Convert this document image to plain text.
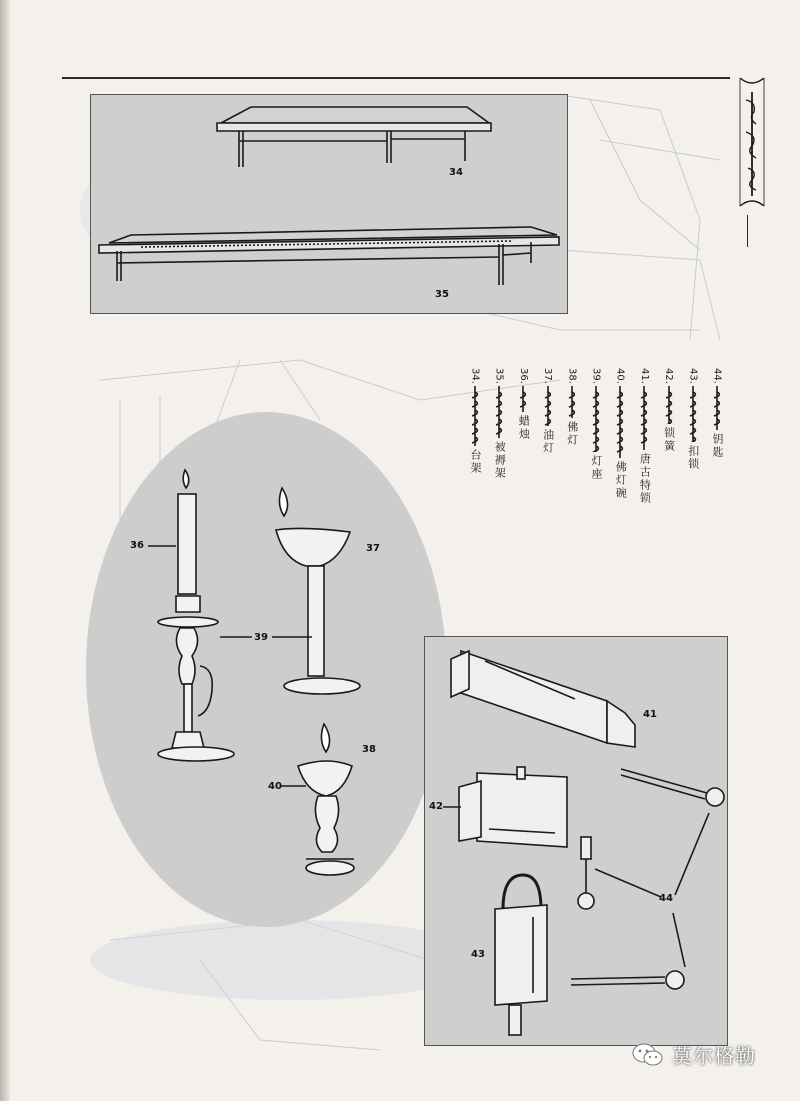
34
35
36	37
39
38
40
41
42
44
43
44.
钥匙
43.
扣锁
42.
锁簧
41.
唐古特锁
40.
佛灯碗
39.
灯座
38.
佛灯
37.
油灯
36.
蜡烛
35.
被褥架
34.
台架
莫尔格勒
